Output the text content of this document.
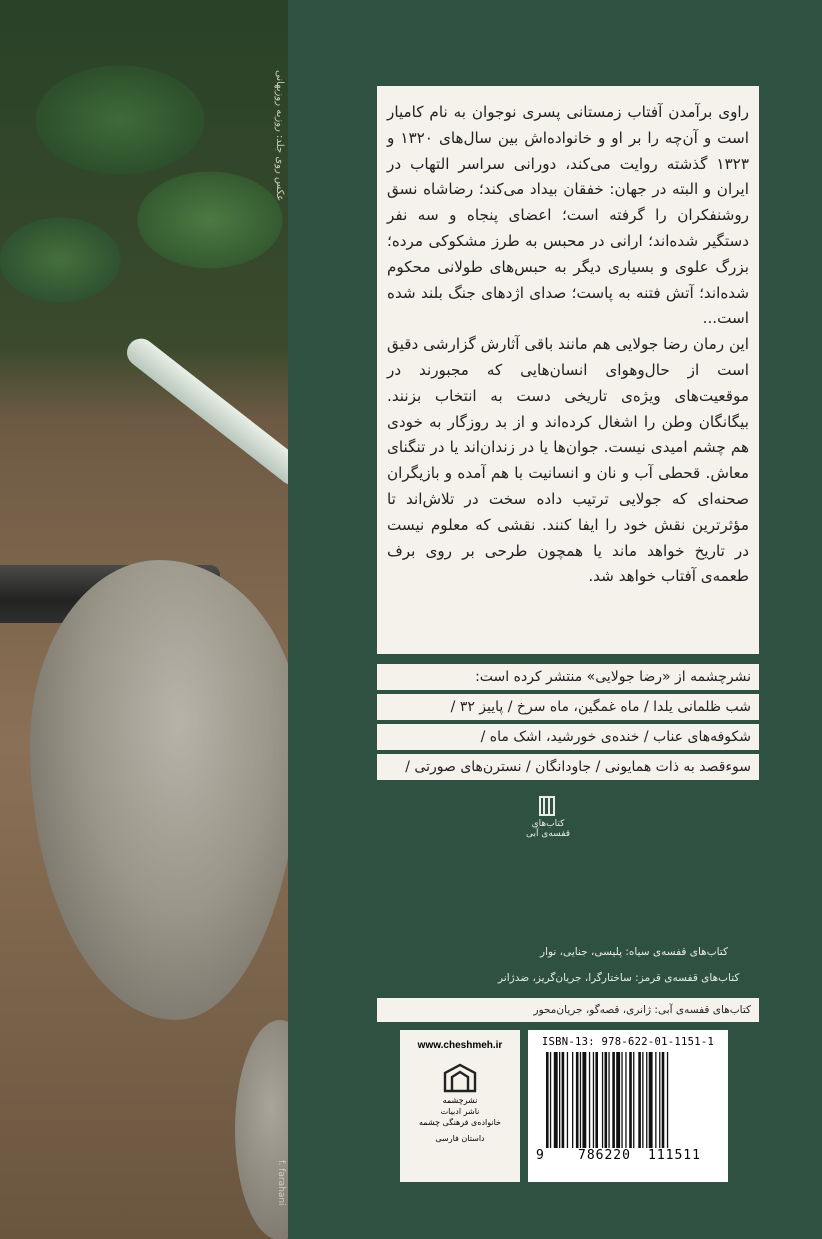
عکس روی جلد: روزبه روزبهانی
f. farahani

راوی برآمدن آفتاب زمستانی پسری نوجوان به نام کامیار است و آن‌چه را بر او و خانواده‌اش بین سال‌های ۱۳۲۰ و ۱۳۲۳ گذشته روایت می‌کند، دورانی سراسر التهاب در ایران و البته در جهان: خفقان بیداد می‌کند؛ رضاشاه نسق روشنفکران را گرفته است؛ اعضای پنجاه و سه نفر دستگیر شده‌اند؛ ارانی در محبس به طرز مشکوکی مرده؛ بزرگ علوی و بسیاری دیگر به حبس‌های طولانی محکوم شده‌اند؛ آتش فتنه به پاست؛ صدای اژدهای جنگ بلند شده است...

این رمان رضا جولایی هم مانند باقی آثارش گزارشی دقیق است از حال‌وهوای انسان‌هایی که مجبورند در موقعیت‌های ویژه‌ی تاریخی دست به انتخاب بزنند. بیگانگان وطن را اشغال کرده‌اند و از بد روزگار به خودی هم چشم امیدی نیست. جوان‌ها یا در زندان‌اند یا در تنگنای معاش. قحطی آب و نان و انسانیت با هم آمده و بازیگران صحنه‌ای که جولایی ترتیب داده سخت در تلاش‌اند تا مؤثرترین نقش خود را ایفا کنند. نقشی که معلوم نیست در تاریخ خواهد ماند یا همچون طرحی بر روی برف طعمه‌ی آفتاب خواهد شد.

نشرچشمه از «رضا جولایی» منتشر کرده است:
شب ظلمانی یلدا / ماه غمگین، ماه سرخ / پاییز ۳۲ /
شکوفه‌های عناب / خنده‌ی خورشید، اشک ماه /
سوءقصد به ذات همایونی / جاودانگان / نسترن‌های صورتی /
کتاب‌های قفسه‌ی آبی
کتاب‌های قفسه‌ی سیاه: پلیسی، جنایی، نوار
کتاب‌های قفسه‌ی قرمز: ساختارگرا، جریان‌گریز، ضدژانر
کتاب‌های قفسه‌ی آبی: ژانری، قصه‌گو، جریان‌محور
www.cheshmeh.ir
نشرچشمه
ناشر ادبیات
خانواده‌ی فرهنگی چشمه
داستان فارسی
ISBN-13: 978-622-01-1151-1
9	786220 111511
